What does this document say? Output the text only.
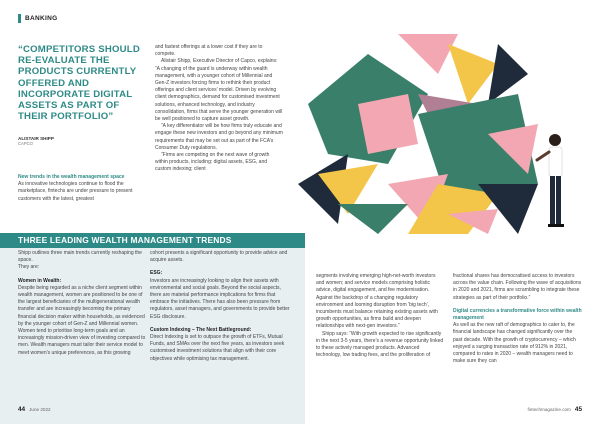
BANKING
“COMPETITORS SHOULD RE-EVALUATE THE PRODUCTS CURRENTLY OFFERED AND INCORPORATE DIGITAL ASSETS AS PART OF THEIR PORTFOLIO”
ALISTAIR SHIPP
CAPCO
New trends in the wealth management space

As innovative technologies continue to flood the marketplace, fintechs are under pressure to present customers with the latest, greatest

and fastest offerings at a lower cost if they are to compete.

Alistair Shipp, Executive Director of Capco, explains: “A changing of the guard is underway within wealth management, with a younger cohort of Millennial and Gen-Z investors forcing firms to rethink their product offerings and client services’ model. Driven by evolving client demographics, demand for customised investment solutions, enhanced technology, and industry consolidation, firms that serve the younger generation will be well positioned to capture asset growth.

“A key differentiator will be how firms truly educate and engage these new investors and go beyond any minimum requirements that may be set out as part of the FCA’s Consumer Duty regulations.

“Firms are competing on the next wave of growth within products, including: digital assets, ESG, and custom indexing; client

THREE LEADING WEALTH MANAGEMENT TRENDS

Shipp outlines three main trends currently reshaping the space.

They are:

Women in Wealth:

Despite being regarded as a niche client segment within wealth management, women are positioned to be one of the largest beneficiaries of the multigenerational wealth transfer and are increasingly becoming the primary financial decision maker within households, as evidenced by the younger cohort of Gen-Z and Millennial women. Women tend to prioritise long-term goals and an increasingly mission-driven view of investing compared to men. Wealth managers must tailor their service model to meet women’s unique preferences, as this growing

cohort presents a significant opportunity to provide advice and acquire assets.

ESG:

Investors are increasingly looking to align their assets with environmental and social goals. Beyond the social aspects, there are material performance implications for firms that embrace the initiatives. There has also been pressure from regulators, asset managers, and governments to provide better ESG disclosure.

Custom Indexing – The Next Battleground:

Direct Indexing is set to outpace the growth of ETFs, Mutual Funds, and SMAs over the next five years, as investors seek customised investment solutions that align with their core objectives while optimising tax management.

segments involving emerging high-net-worth investors and women; and service models comprising holistic advice, digital engagement, and fee modernisation. Against the backdrop of a changing regulatory environment and looming disruption from ‘big tech’, incumbents must balance retaining existing assets with growth opportunities, as firms build and deepen relationships with next-gen investors.”

Shipp says: “With growth expected to rise significantly in the next 3-5 years, there’s a revenue opportunity linked to these actively managed products. Advanced technology, low trading fees, and the proliferation of

fractional shares has democratised access to investors across the value chain. Following the wave of acquisitions in 2020 and 2021, firms are scrambling to integrate these strategies as part of their portfolio.”

Digital currencies a transformative force within wealth management

As well as the new raft of demographics to cater to, the financial landscape has changed significantly over the past decade. With the growth of cryptocurrency – which enjoyed a surging transaction rate of 912% in 2021, compared to rates in 2020 – wealth managers need to make sure they can

44 June 2022	fintechmagazine.com 45
